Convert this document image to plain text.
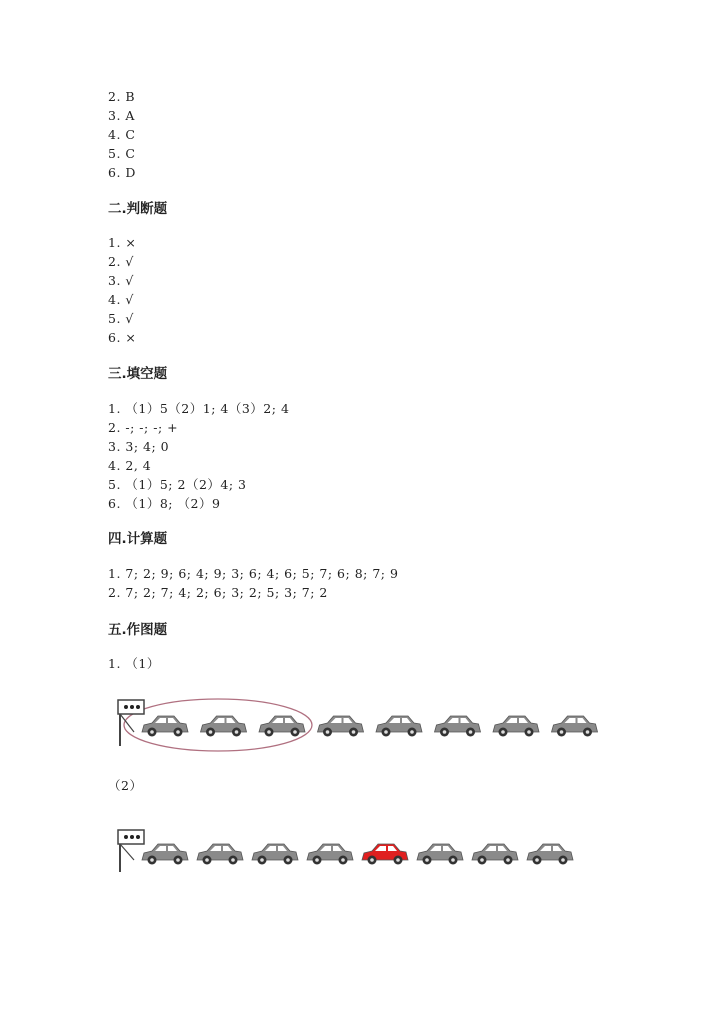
2. B
3. A
4. C
5. C
6. D
二.判断题
1. ×
2. √
3. √
4. √
5. √
6. ×
三.填空题
1. （1）5（2）1; 4（3）2; 4
2. -; -; -; +
3. 3; 4; 0
4. 2, 4
5. （1）5; 2（2）4; 3
6. （1）8; （2）9
四.计算题
1. 7; 2; 9; 6; 4; 9; 3; 6; 4; 6; 5; 7; 6; 8; 7; 9
2. 7; 2; 7; 4; 2; 6; 3; 2; 5; 3; 7; 2
五.作图题
1. （1）
（2）
